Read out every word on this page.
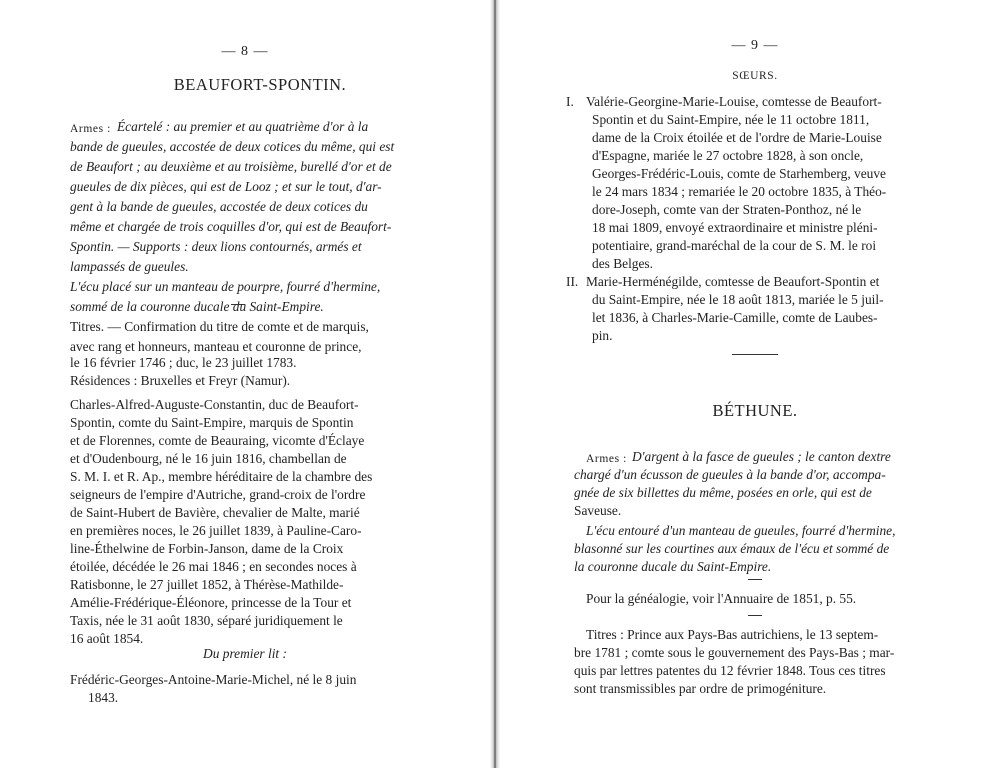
— 8 —
BEAUFORT-SPONTIN.
Armes : Écartelé : au premier et au quatrième d'or à la
bande de gueules, accostée de deux cotices du même, qui est
de Beaufort ; au deuxième et au troisième, burellé d'or et de
gueules de dix pièces, qui est de Looz ; et sur le tout, d'ar-
gent à la bande de gueules, accostée de deux cotices du
même et chargée de trois coquilles d'or, qui est de Beaufort-
Spontin. — Supports : deux lions contournés, armés et
lampassés de gueules.
L'écu placé sur un manteau de pourpre, fourré d'hermine,
sommé de la couronne ducale du Saint-Empire.
Titres. — Confirmation du titre de comte et de marquis,
avec rang et honneurs, manteau et couronne de prince,
le 16 février 1746 ; duc, le 23 juillet 1783.
Résidences : Bruxelles et Freyr (Namur).
Charles-Alfred-Auguste-Constantin, duc de Beaufort-
Spontin, comte du Saint-Empire, marquis de Spontin
et de Florennes, comte de Beauraing, vicomte d'Éclaye
et d'Oudenbourg, né le 16 juin 1816, chambellan de
S. M. I. et R. Ap., membre héréditaire de la chambre des
seigneurs de l'empire d'Autriche, grand-croix de l'ordre
de Saint-Hubert de Bavière, chevalier de Malte, marié
en premières noces, le 26 juillet 1839, à Pauline-Caro-
line-Éthelwine de Forbin-Janson, dame de la Croix
étoilée, décédée le 26 mai 1846 ; en secondes noces à
Ratisbonne, le 27 juillet 1852, à Thérèse-Mathilde-
Amélie-Frédérique-Éléonore, princesse de la Tour et
Taxis, née le 31 août 1830, séparé juridiquement le
16 août 1854.
Du premier lit :
Frédéric-Georges-Antoine-Marie-Michel, né le 8 juin
1843.
— 9 —
SŒURS.
I. Valérie-Georgine-Marie-Louise, comtesse de Beaufort-
Spontin et du Saint-Empire, née le 11 octobre 1811,
dame de la Croix étoilée et de l'ordre de Marie-Louise
d'Espagne, mariée le 27 octobre 1828, à son oncle,
Georges-Frédéric-Louis, comte de Starhemberg, veuve
le 24 mars 1834 ; remariée le 20 octobre 1835, à Théo-
dore-Joseph, comte van der Straten-Ponthoz, né le
18 mai 1809, envoyé extraordinaire et ministre pléni-
potentiaire, grand-maréchal de la cour de S. M. le roi
des Belges.
II. Marie-Herménégilde, comtesse de Beaufort-Spontin et
du Saint-Empire, née le 18 août 1813, mariée le 5 juil-
let 1836, à Charles-Marie-Camille, comte de Laubes-
pin.
BÉTHUNE.
Armes : D'argent à la fasce de gueules ; le canton dextre
chargé d'un écusson de gueules à la bande d'or, accompa-
gnée de six billettes du même, posées en orle, qui est de
Saveuse.
L'écu entouré d'un manteau de gueules, fourré d'hermine,
blasonné sur les courtines aux émaux de l'écu et sommé de
la couronne ducale du Saint-Empire.
Pour la généalogie, voir l'Annuaire de 1851, p. 55.
Titres : Prince aux Pays-Bas autrichiens, le 13 septem-
bre 1781 ; comte sous le gouvernement des Pays-Bas ; mar-
quis par lettres patentes du 12 février 1848. Tous ces titres
sont transmissibles par ordre de primogéniture.
